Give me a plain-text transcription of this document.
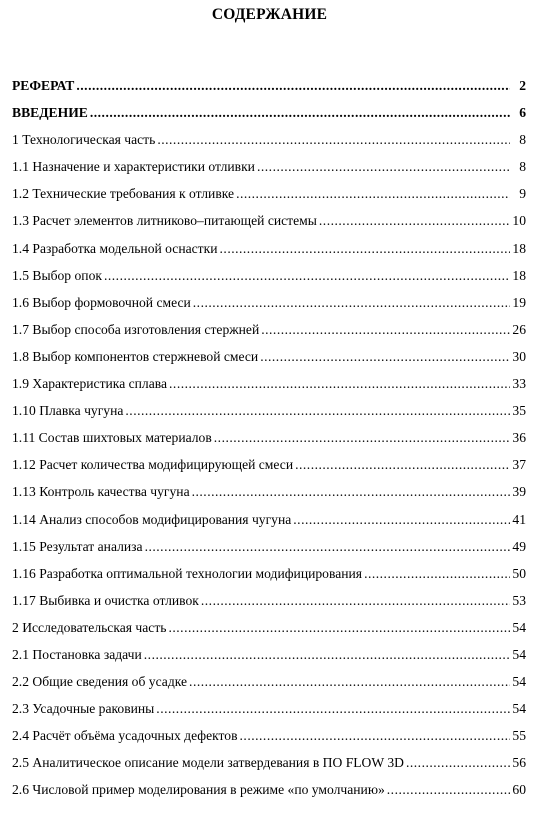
СОДЕРЖАНИЕ
РЕФЕРАТ .....	2
ВВЕДЕНИЕ .....	6
1 Технологическая часть .....	8
1.1 Назначение и характеристики отливки .....	8
1.2 Технические требования к отливке .....	9
1.3 Расчет элементов литниково–питающей системы .....	10
1.4 Разработка модельной оснастки .....	18
1.5 Выбор опок .....	18
1.6 Выбор формовочной смеси .....	19
1.7 Выбор способа изготовления стержней .....	26
1.8 Выбор компонентов стержневой смеси .....	30
1.9 Характеристика сплава .....	33
1.10 Плавка чугуна .....	35
1.11 Состав шихтовых материалов .....	36
1.12 Расчет количества модифицирующей смеси .....	37
1.13 Контроль качества чугуна .....	39
1.14 Анализ способов модифицирования чугуна .....	41
1.15 Результат анализа .....	49
1.16 Разработка оптимальной технологии модифицирования .....	50
1.17 Выбивка и очистка отливок .....	53
2 Исследовательская часть .....	54
2.1 Постановка задачи .....	54
2.2 Общие сведения об усадке .....	54
2.3 Усадочные раковины .....	54
2.4 Расчёт объёма усадочных дефектов .....	55
2.5 Аналитическое описание модели затвердевания в ПО FLOW 3D .....	56
2.6 Числовой пример моделирования в режиме «по умолчанию» .....	60
